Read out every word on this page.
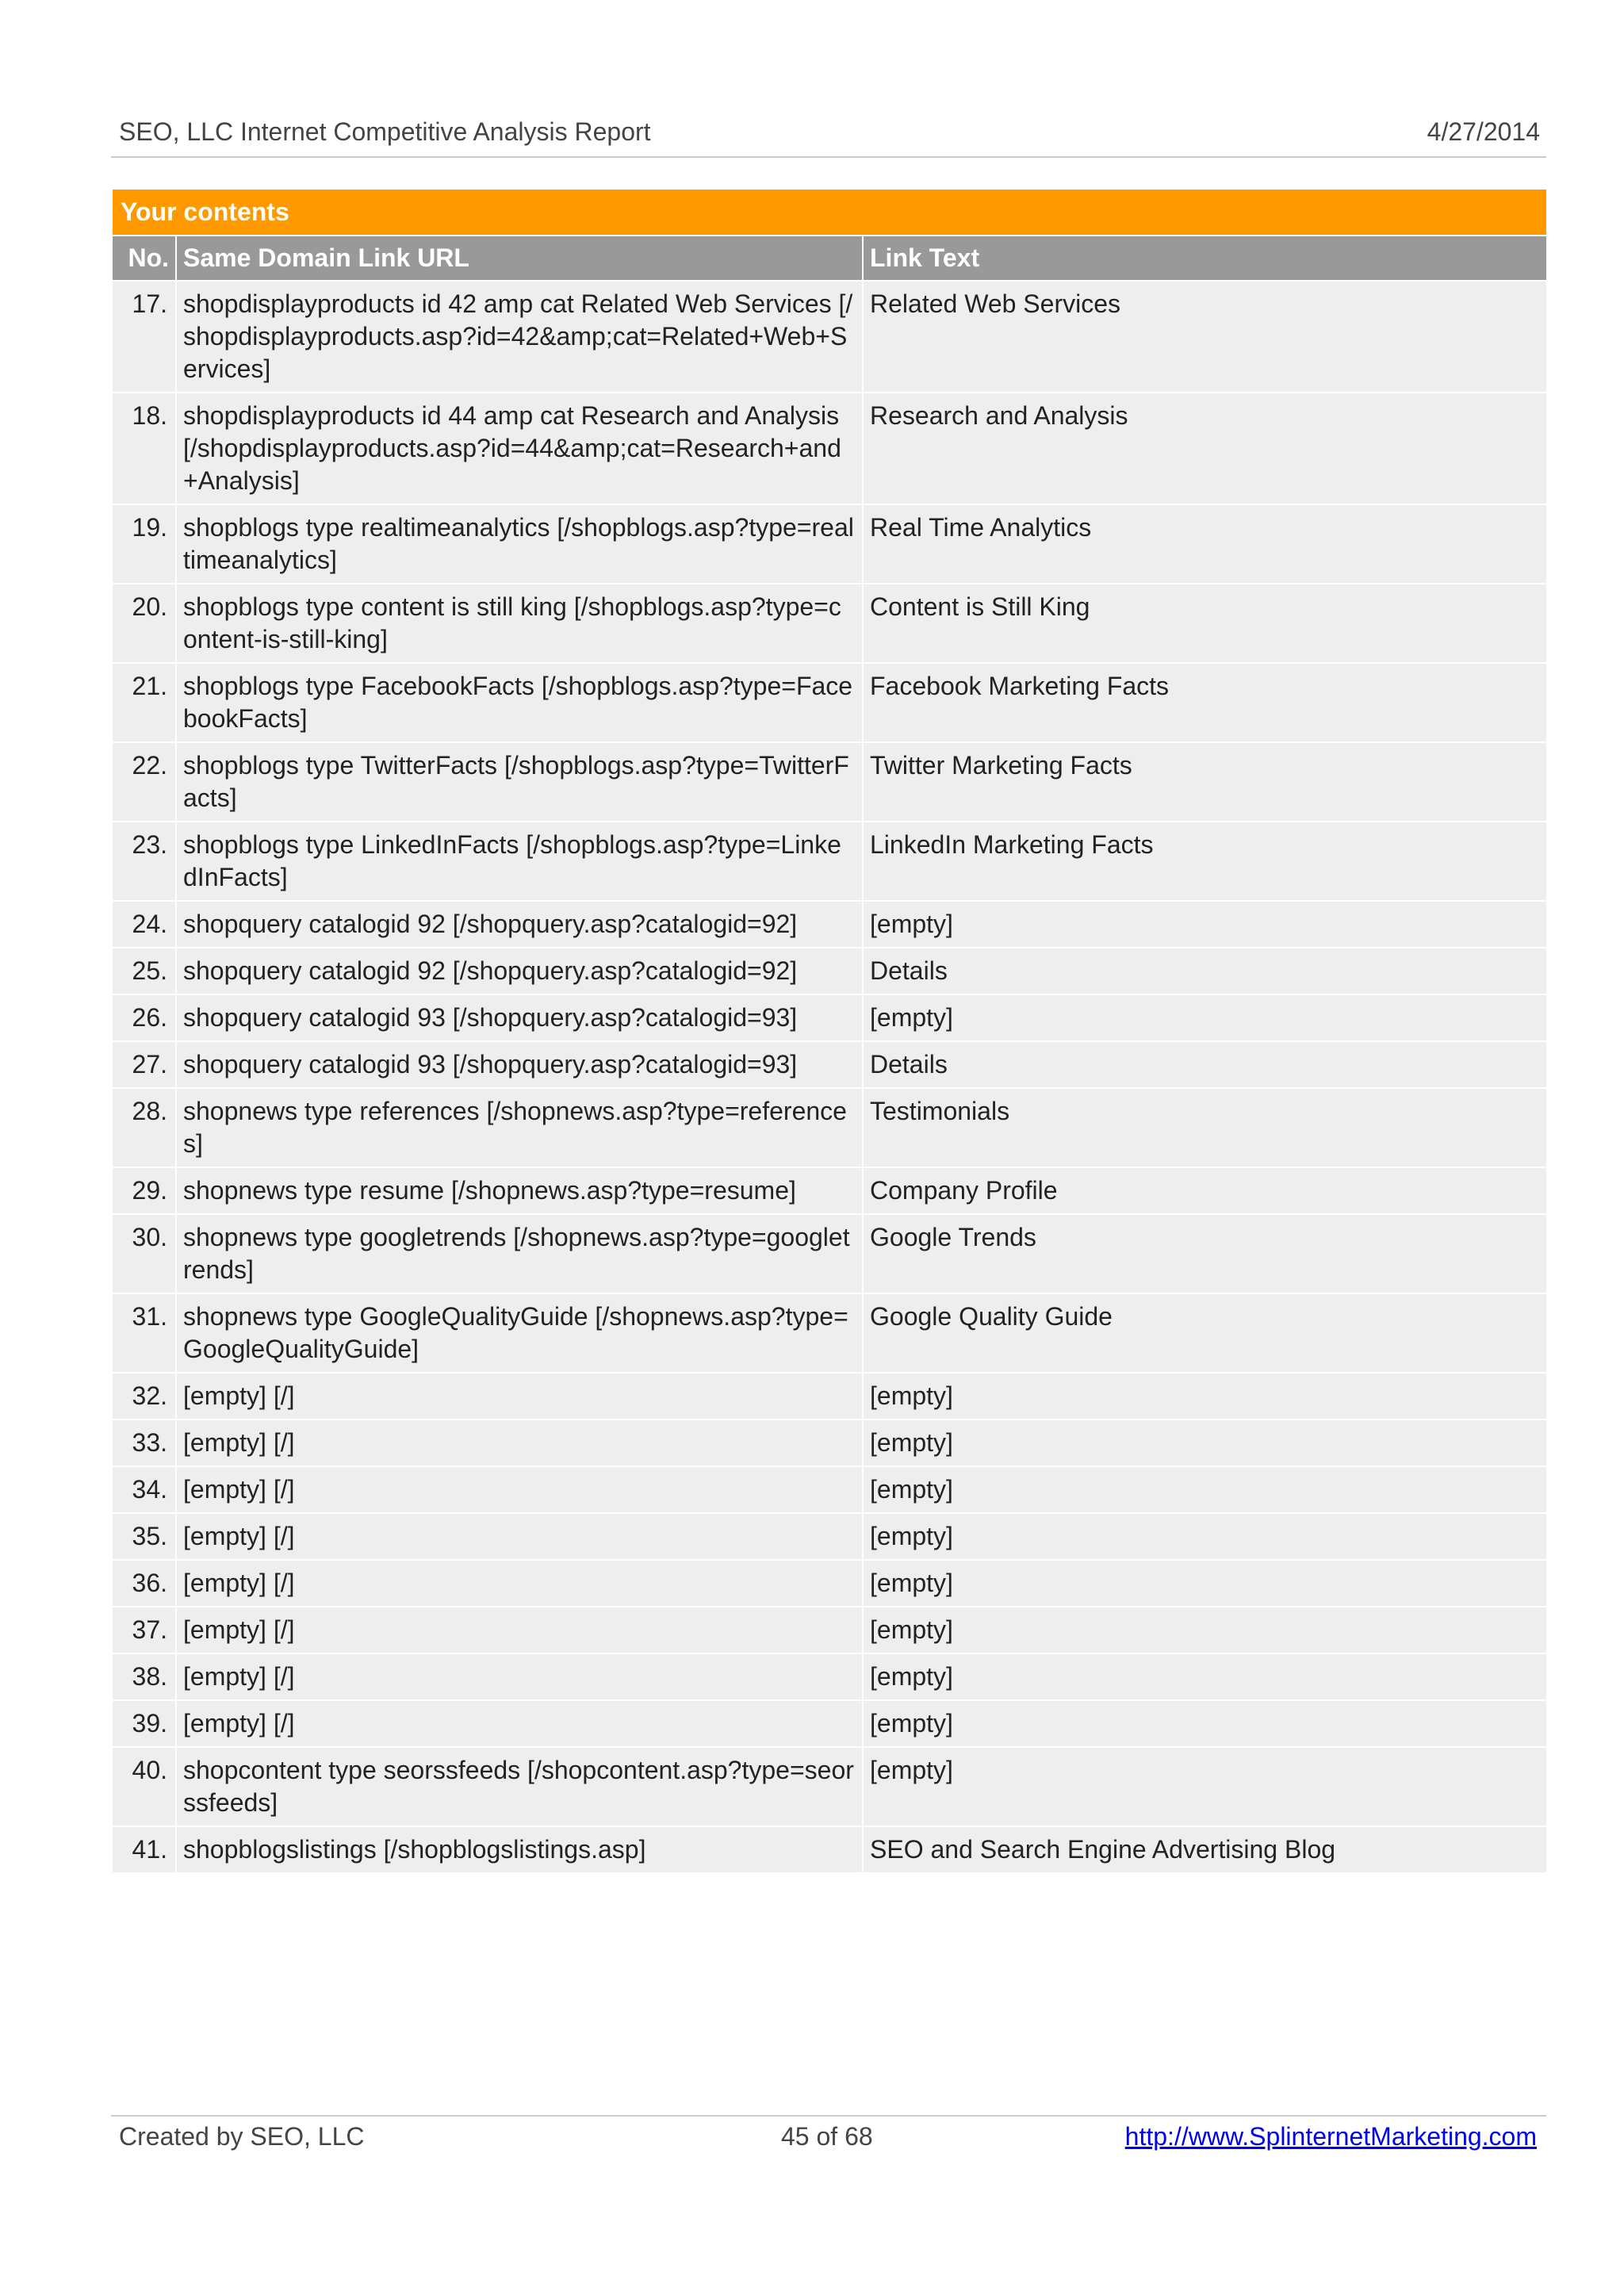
SEO, LLC Internet Competitive Analysis Report	4/27/2014
Your contents		
No.	Same Domain Link URL	Link Text
17.	shopdisplayproducts id 42 amp cat Related Web Services [/shopdisplayproducts.asp?id=42&amp;cat=Related+Web+Services]	Related Web Services
18.	shopdisplayproducts id 44 amp cat Research and Analysis [/shopdisplayproducts.asp?id=44&amp;cat=Research+and+Analysis]	Research and Analysis
19.	shopblogs type realtimeanalytics [/shopblogs.asp?type=realtimeanalytics]	Real Time Analytics
20.	shopblogs type content is still king [/shopblogs.asp?type=content-is-still-king]	Content is Still King
21.	shopblogs type FacebookFacts [/shopblogs.asp?type=FacebookFacts]	Facebook Marketing Facts
22.	shopblogs type TwitterFacts [/shopblogs.asp?type=TwitterFacts]	Twitter Marketing Facts
23.	shopblogs type LinkedInFacts [/shopblogs.asp?type=LinkedInFacts]	LinkedIn Marketing Facts
24.	shopquery catalogid 92 [/shopquery.asp?catalogid=92]	[empty]
25.	shopquery catalogid 92 [/shopquery.asp?catalogid=92]	Details
26.	shopquery catalogid 93 [/shopquery.asp?catalogid=93]	[empty]
27.	shopquery catalogid 93 [/shopquery.asp?catalogid=93]	Details
28.	shopnews type references [/shopnews.asp?type=references]	Testimonials
29.	shopnews type resume [/shopnews.asp?type=resume]	Company Profile
30.	shopnews type googletrends [/shopnews.asp?type=googletrends]	Google Trends
31.	shopnews type GoogleQualityGuide [/shopnews.asp?type=GoogleQualityGuide]	Google Quality Guide
32.	[empty] [/]	[empty]
33.	[empty] [/]	[empty]
34.	[empty] [/]	[empty]
35.	[empty] [/]	[empty]
36.	[empty] [/]	[empty]
37.	[empty] [/]	[empty]
38.	[empty] [/]	[empty]
39.	[empty] [/]	[empty]
40.	shopcontent type seorssfeeds [/shopcontent.asp?type=seorssfeeds]	[empty]
41.	shopblogslistings [/shopblogslistings.asp]	SEO and Search Engine Advertising Blog
Created by SEO, LLC	45 of 68	http://www.SplinternetMarketing.com
